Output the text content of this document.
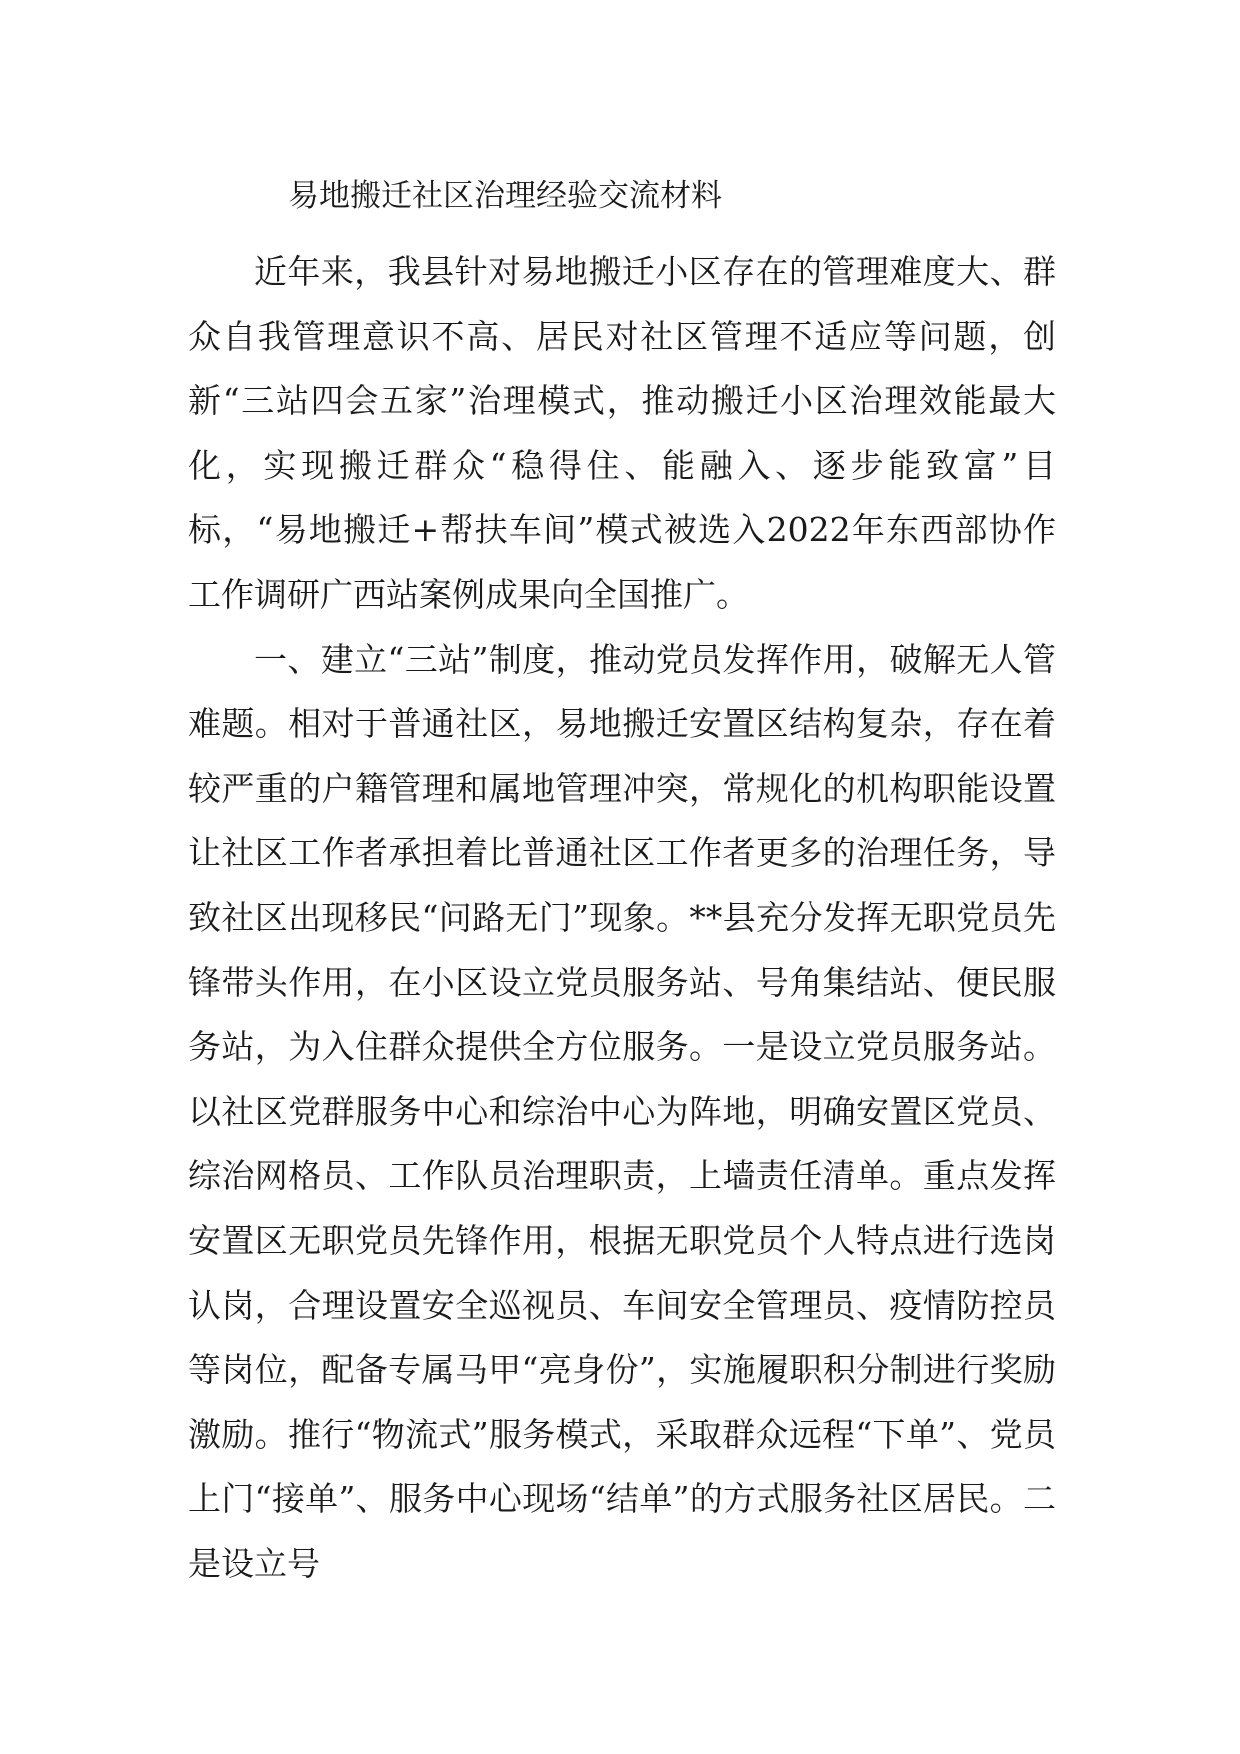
易地搬迁社区治理经验交流材料

近年来，我县针对易地搬迁小区存在的管理难度大、群众自我管理意识不高、居民对社区管理不适应等问题，创新“三站四会五家”治理模式，推动搬迁小区治理效能最大化，实现搬迁群众“稳得住、能融入、逐步能致富”目标，“易地搬迁+帮扶车间”模式被选入2022年东西部协作工作调研广西站案例成果向全国推广。

一、建立“三站”制度，推动党员发挥作用，破解无人管难题。相对于普通社区，易地搬迁安置区结构复杂，存在着较严重的户籍管理和属地管理冲突，常规化的机构职能设置让社区工作者承担着比普通社区工作者更多的治理任务，导致社区出现移民“问路无门”现象。**县充分发挥无职党员先锋带头作用，在小区设立党员服务站、号角集结站、便民服务站，为入住群众提供全方位服务。一是设立党员服务站。以社区党群服务中心和综治中心为阵地，明确安置区党员、综治网格员、工作队员治理职责，上墙责任清单。重点发挥安置区无职党员先锋作用，根据无职党员个人特点进行选岗认岗，合理设置安全巡视员、车间安全管理员、疫情防控员等岗位，配备专属马甲“亮身份”，实施履职积分制进行奖励激励。推行“物流式”服务模式，采取群众远程“下单”、党员上门“接单”、服务中心现场“结单”的方式服务社区居民。二是设立号
